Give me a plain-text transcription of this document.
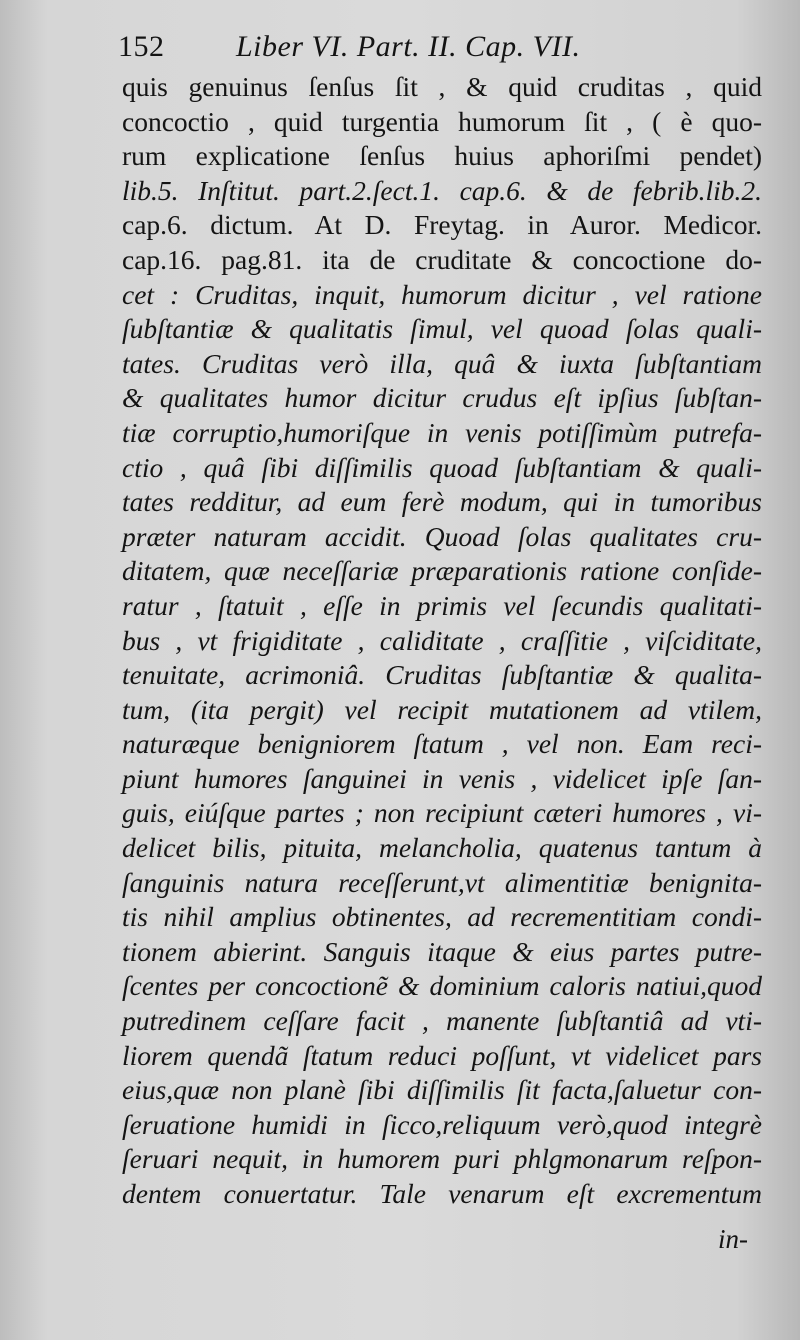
152 Liber VI. Part. II. Cap. VII.
quis genuinus ſenſus ſit , & quid cruditas , quid
concoctio , quid turgentia humorum ſit , ( è quo-
rum explicatione ſenſus huius aphoriſmi pendet)
lib.5. Inſtitut. part.2.ſect.1. cap.6. & de febrib.lib.2.
cap.6. dictum. At D. Freytag. in Auror. Medicor.
cap.16. pag.81. ita de cruditate & concoctione do-
cet : Cruditas, inquit, humorum dicitur , vel ratione
ſubſtantiæ & qualitatis ſimul, vel quoad ſolas quali-
tates. Cruditas verò illa, quâ & iuxta ſubſtantiam
& qualitates humor dicitur crudus eſt ipſius ſubſtan-
tiæ corruptio,humoriſque in venis potiſſimùm putrefa-
ctio , quâ ſibi diſſimilis quoad ſubſtantiam & quali-
tates redditur, ad eum ferè modum, qui in tumoribus
præter naturam accidit. Quoad ſolas qualitates cru-
ditatem, quæ neceſſariæ præparationis ratione conſide-
ratur , ſtatuit , eſſe in primis vel ſecundis qualitati-
bus , vt frigiditate , caliditate , craſſitie , viſciditate,
tenuitate, acrimoniâ. Cruditas ſubſtantiæ & qualita-
tum, (ita pergit) vel recipit mutationem ad vtilem,
naturæque benigniorem ſtatum , vel non. Eam reci-
piunt humores ſanguinei in venis , videlicet ipſe ſan-
guis, eiúſque partes ; non recipiunt cæteri humores , vi-
delicet bilis, pituita, melancholia, quatenus tantum à
ſanguinis natura receſſerunt,vt alimentitiæ benignita-
tis nihil amplius obtinentes, ad recrementitiam condi-
tionem abierint. Sanguis itaque & eius partes putre-
ſcentes per concoctionẽ & dominium caloris natiui,quod
putredinem ceſſare facit , manente ſubſtantiâ ad vti-
liorem quendã ſtatum reduci poſſunt, vt videlicet pars
eius,quæ non planè ſibi diſſimilis ſit facta,ſaluetur con-
ſeruatione humidi in ſicco,reliquum verò,quod integrè
ſeruari nequit, in humorem puri phlgmonarum reſpon-
dentem conuertatur. Tale venarum eſt excrementum
in-
